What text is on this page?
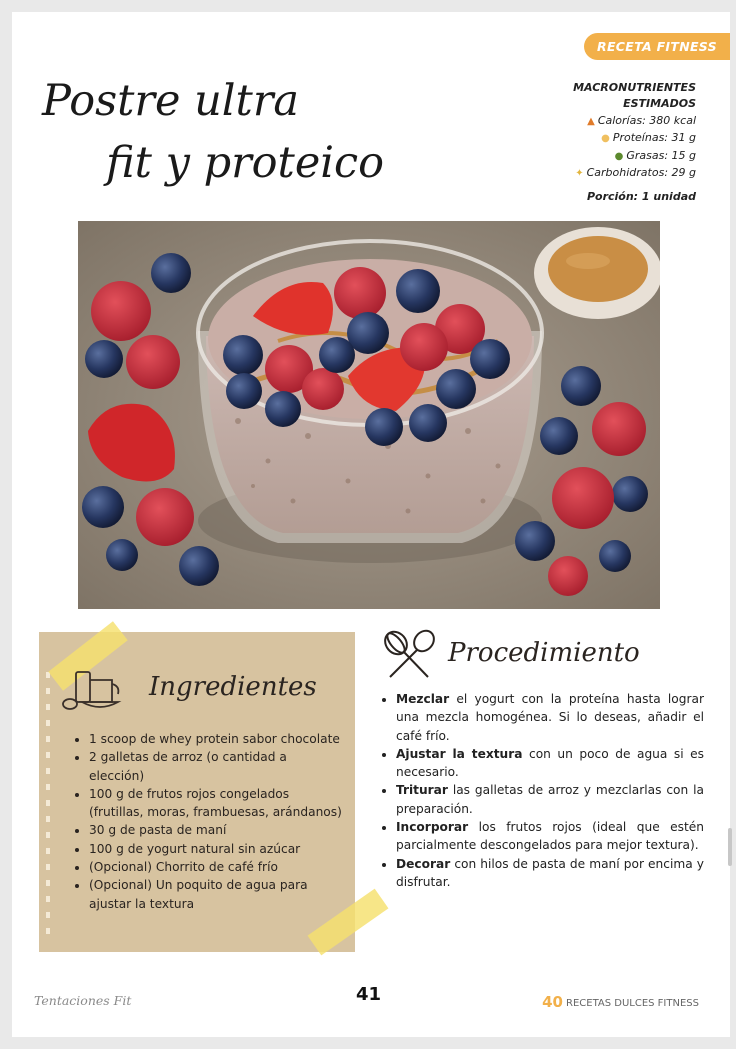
RECETA FITNESS
Postre ultra
fit y proteico
MACRONUTRIENTES
ESTIMADOS
▲ Calorías: 380 kcal
● Proteínas: 31 g
● Grasas: 15 g
✦ Carbohidratos: 29 g
Porción: 1 unidad
Ingredientes
• 1 scoop de whey protein sabor chocolate
• 2 galletas de arroz (o cantidad a elección)
• 100 g de frutos rojos congelados (frutillas, moras, frambuesas, arándanos)
• 30 g de pasta de maní
• 100 g de yogurt natural sin azúcar
• (Opcional) Chorrito de café frío
• (Opcional) Un poquito de agua para ajustar la textura
Procedimiento
• Mezclar el yogurt con la proteína hasta lograr una mezcla homogénea. Si lo deseas, añadir el café frío.
• Ajustar la textura con un poco de agua si es necesario.
• Triturar las galletas de arroz y mezclarlas con la preparación.
• Incorporar los frutos rojos (ideal que estén parcialmente descongelados para mejor textura).
• Decorar con hilos de pasta de maní por encima y disfrutar.
Tentaciones Fit	41	40 RECETAS DULCES FITNESS
